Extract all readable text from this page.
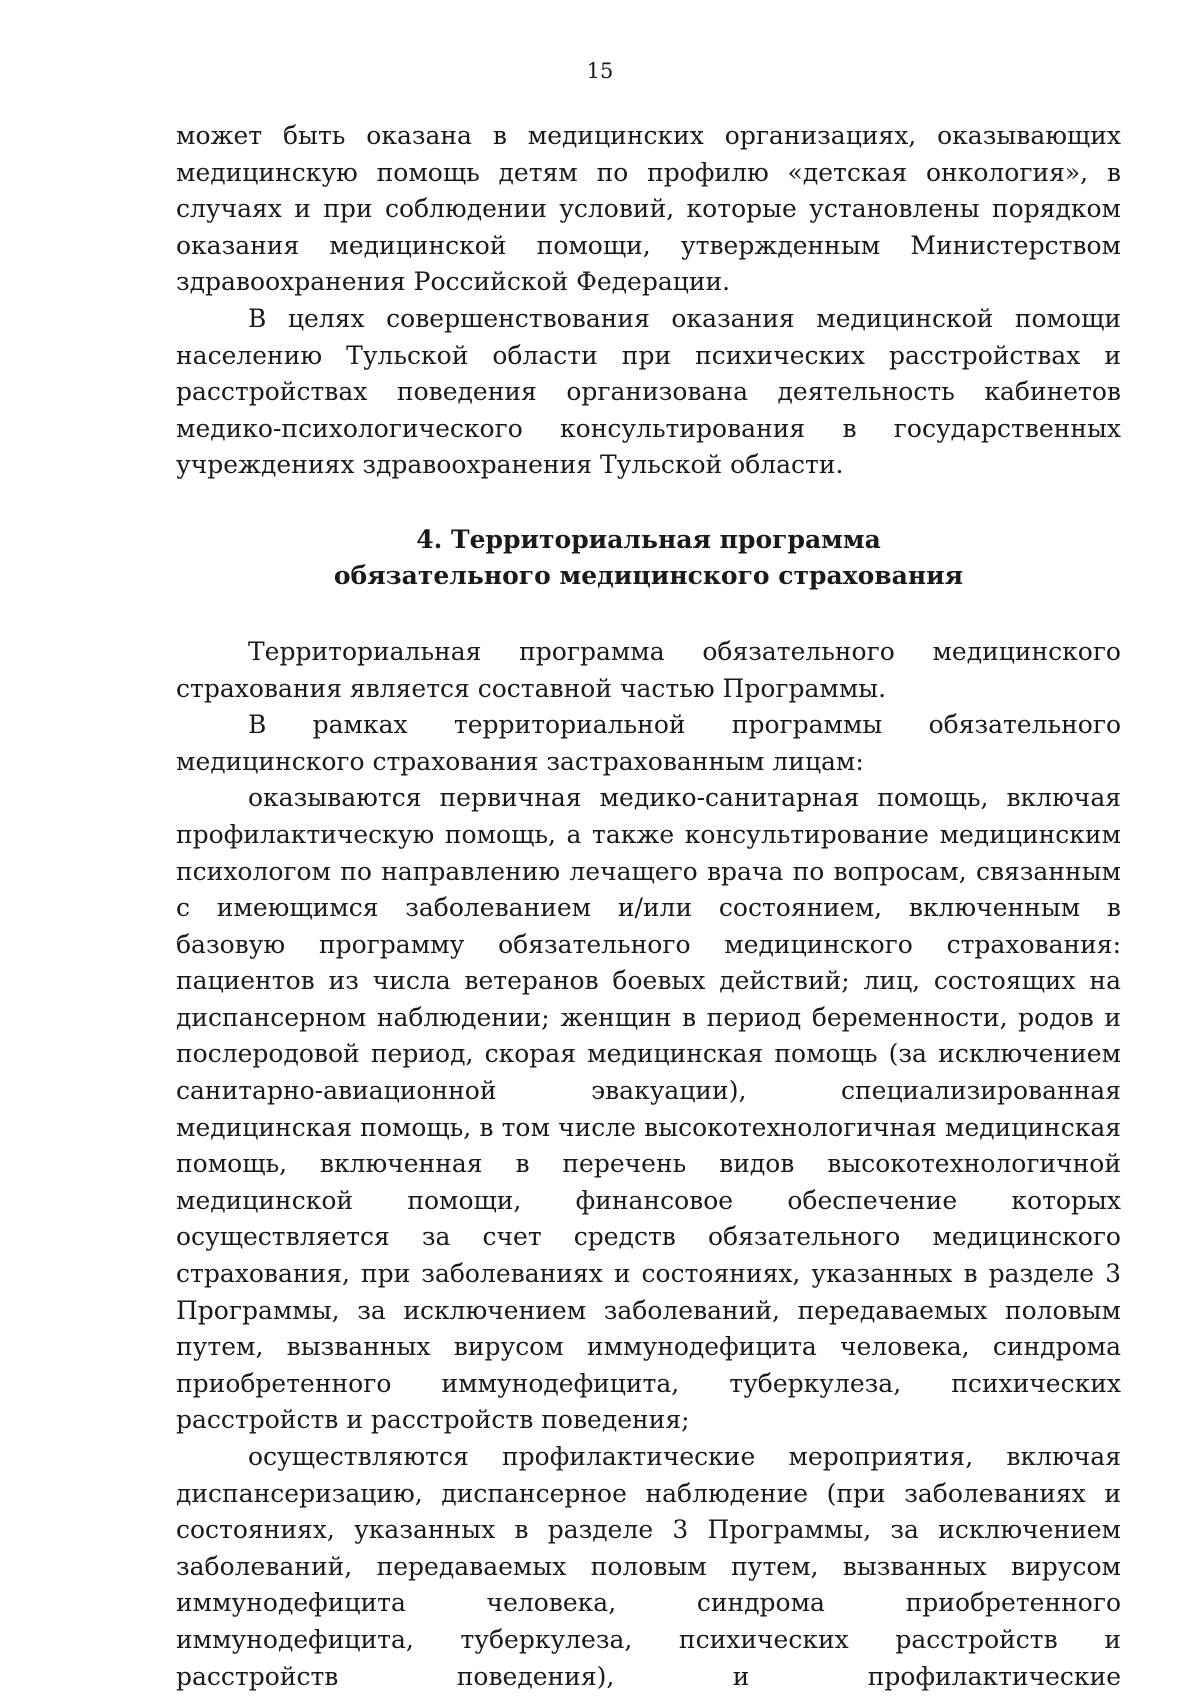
15

может быть оказана в медицинских организациях, оказывающих медицинскую помощь детям по профилю «детская онкология», в случаях и при соблюдении условий, которые установлены порядком оказания медицинской помощи, утвержденным Министерством здравоохранения Российской Федерации.

В целях совершенствования оказания медицинской помощи населению Тульской области при психических расстройствах и расстройствах поведения организована деятельность кабинетов медико-психологического консультирования в государственных учреждениях здравоохранения Тульской области.

4. Территориальная программа
обязательного медицинского страхования

Территориальная программа обязательного медицинского страхования является составной частью Программы.

В рамках территориальной программы обязательного медицинского страхования застрахованным лицам:

оказываются первичная медико-санитарная помощь, включая профилактическую помощь, а также консультирование медицинским психологом по направлению лечащего врача по вопросам, связанным с имеющимся заболеванием и/или состоянием, включенным в базовую программу обязательного медицинского страхования: пациентов из числа ветеранов боевых действий; лиц, состоящих на диспансерном наблюдении; женщин в период беременности, родов и послеродовой период, скорая медицинская помощь (за исключением санитарно-авиационной эвакуации), специализированная медицинская помощь, в том числе высокотехнологичная медицинская помощь, включенная в перечень видов высокотехнологичной медицинской помощи, финансовое обеспечение которых осуществляется за счет средств обязательного медицинского страхования, при заболеваниях и состояниях, указанных в разделе 3 Программы, за исключением заболеваний, передаваемых половым путем, вызванных вирусом иммунодефицита человека, синдрома приобретенного иммунодефицита, туберкулеза, психических расстройств и расстройств поведения;

осуществляются профилактические мероприятия, включая диспансеризацию, диспансерное наблюдение (при заболеваниях и состояниях, указанных в разделе 3 Программы, за исключением заболеваний, передаваемых половым путем, вызванных вирусом иммунодефицита человека, синдрома приобретенного иммунодефицита, туберкулеза, психических расстройств и расстройств поведения), и профилактические
